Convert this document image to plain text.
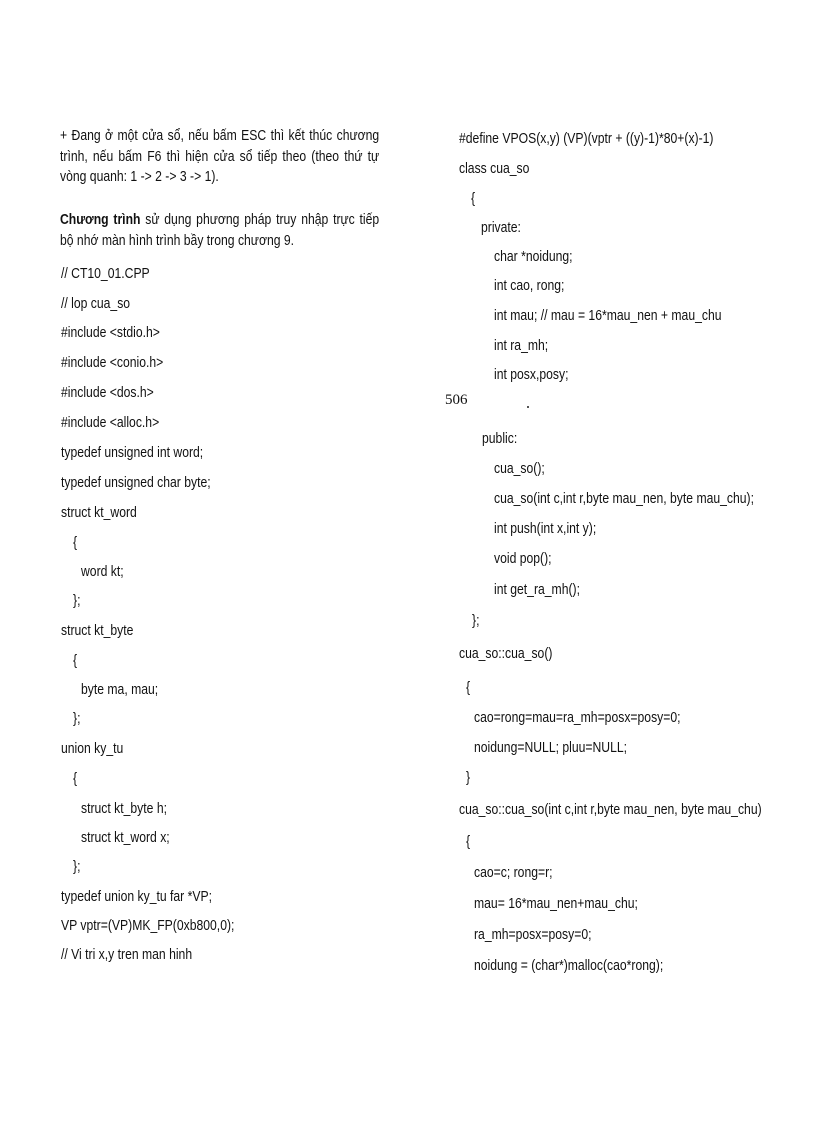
+ Đang ở một cửa sổ, nếu bấm ESC thì kết thúc chương trình, nếu bấm F6 thì hiện cửa sổ tiếp theo (theo thứ tự vòng quanh: 1 -> 2 -> 3 -> 1).
Chương trình sử dụng phương pháp truy nhập trực tiếp bộ nhớ màn hình trình bầy trong chương 9.
// CT10_01.CPP
// lop cua_so
#include <stdio.h>
#include <conio.h>
#include <dos.h>
#include <alloc.h>
typedef unsigned int word;
typedef unsigned char byte;
struct kt_word
{
word kt;
};
struct kt_byte
{
byte ma, mau;
};
union ky_tu
{
struct kt_byte h;
struct kt_word x;
};
typedef union ky_tu far *VP;
VP vptr=(VP)MK_FP(0xb800,0);
// Vi tri x,y tren man hinh
#define VPOS(x,y) (VP)(vptr + ((y)-1)*80+(x)-1)
class cua_so
{
private:
char *noidung;
int cao, rong;
int mau; // mau = 16*mau_nen + mau_chu
int ra_mh;
int posx,posy;
506
public:
cua_so();
cua_so(int c,int r,byte mau_nen, byte mau_chu);
int push(int x,int y);
void pop();
int get_ra_mh();
};
cua_so::cua_so()
{
cao=rong=mau=ra_mh=posx=posy=0;
noidung=NULL; pluu=NULL;
}
cua_so::cua_so(int c,int r,byte mau_nen, byte mau_chu)
{
cao=c; rong=r;
mau= 16*mau_nen+mau_chu;
ra_mh=posx=posy=0;
noidung = (char*)malloc(cao*rong);
